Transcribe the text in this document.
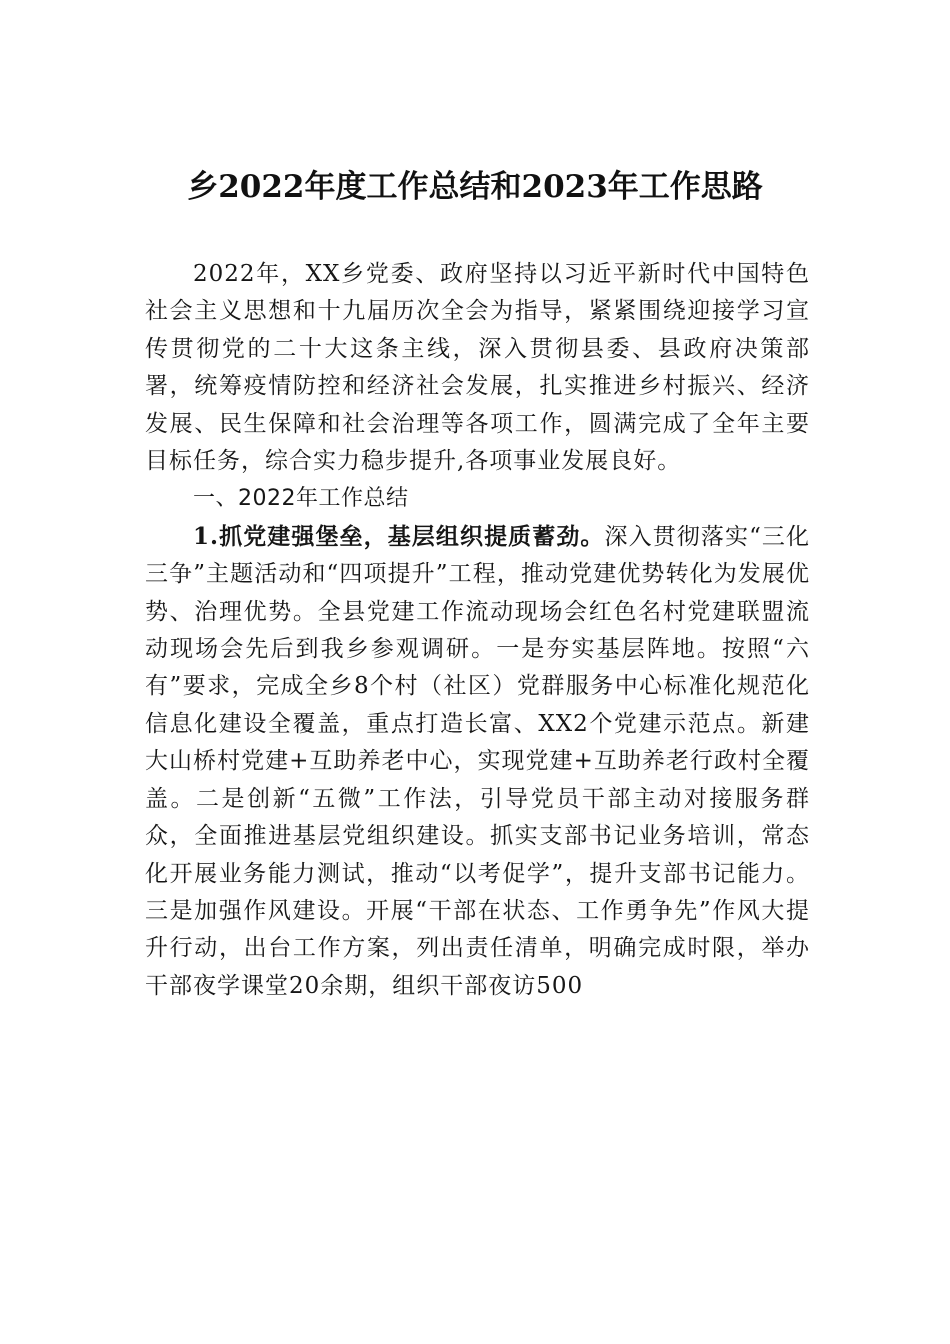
乡2022年度工作总结和2023年工作思路

2022年，XX乡党委、政府坚持以习近平新时代中国特色社会主义思想和十九届历次全会为指导，紧紧围绕迎接学习宣传贯彻党的二十大这条主线，深入贯彻县委、县政府决策部署，统筹疫情防控和经济社会发展，扎实推进乡村振兴、经济发展、民生保障和社会治理等各项工作，圆满完成了全年主要目标任务，综合实力稳步提升,各项事业发展良好。

一、2022年工作总结

1.抓党建强堡垒，基层组织提质蓄劲。深入贯彻落实“三化三争”主题活动和“四项提升”工程，推动党建优势转化为发展优势、治理优势。全县党建工作流动现场会红色名村党建联盟流动现场会先后到我乡参观调研。一是夯实基层阵地。按照“六有”要求，完成全乡8个村（社区）党群服务中心标准化规范化信息化建设全覆盖，重点打造长富、XX2个党建示范点。新建大山桥村党建+互助养老中心，实现党建+互助养老行政村全覆盖。二是创新“五微”工作法，引导党员干部主动对接服务群众，全面推进基层党组织建设。抓实支部书记业务培训，常态化开展业务能力测试，推动“以考促学”，提升支部书记能力。三是加强作风建设。开展“干部在状态、工作勇争先”作风大提升行动，出台工作方案，列出责任清单，明确完成时限，举办干部夜学课堂20余期，组织干部夜访500
